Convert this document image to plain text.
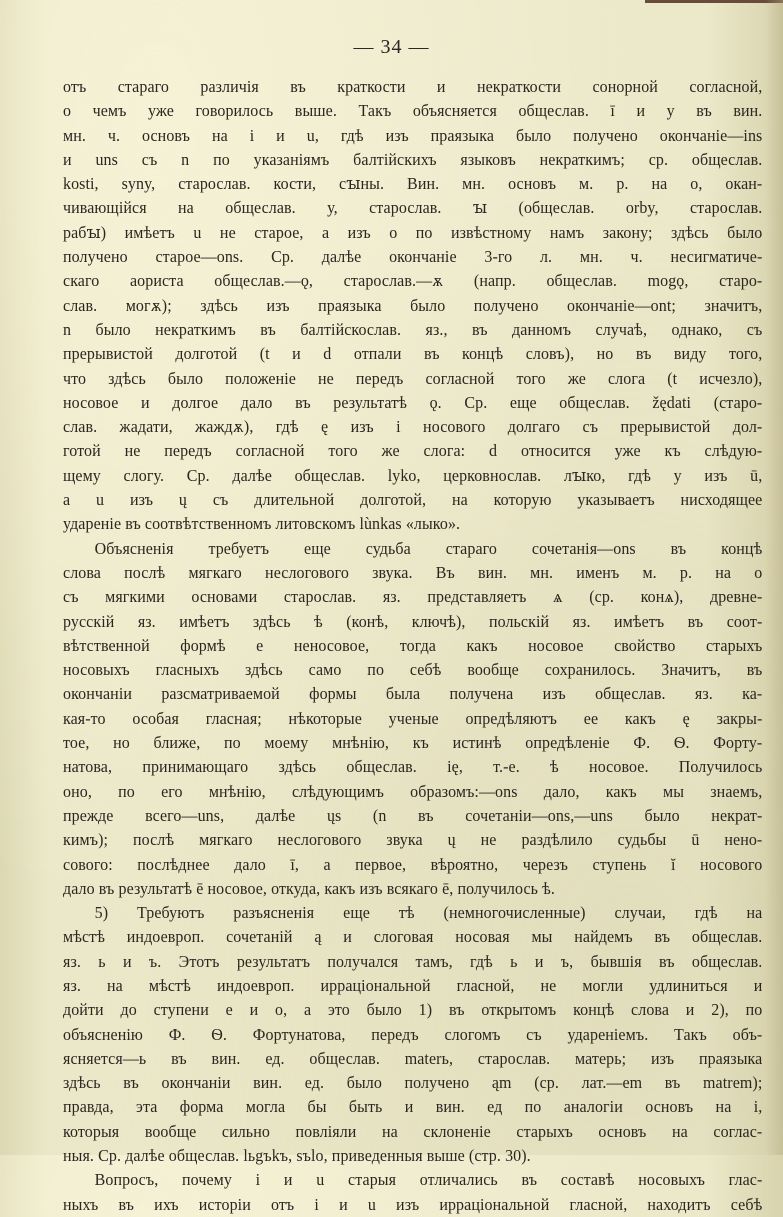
— 34 —
отъ стараго различія въ краткости и некраткости сонорной согласной,
о чемъ уже говорилось выше. Такъ объясняется общеслав. ī и у въ вин.
мн. ч. основъ на і и u, гдѣ изъ праязыка было получено окончаніе—ins
и uns съ n по указаніямъ балтійскихъ языковъ некраткимъ; ср. общеслав.
kosti, syny, старослав. кости, сꙑны. Вин. мн. основъ м. р. на о, окан-
чивающійся на общеслав. у, старослав. ꙑ (общеслав. orby, старослав.
рабꙑ) имѣетъ u не старое, а изъ о по извѣстному намъ закону; здѣсь было
получено старое—ons. Ср. далѣе окончаніе 3-го л. мн. ч. несигматиче-
скаго аориста общеслав.—ǫ, старослав.—ѫ (напр. общеслав. mogǫ, старо-
слав. могѫ); здѣсь изъ праязыка было получено окончаніе—ont; значитъ,
n было некраткимъ въ балтійскослав. яз., въ данномъ случаѣ, однако, съ
прерывистой долготой (t и d отпали въ концѣ словъ), но въ виду того,
что здѣсь было положеніе не передъ согласной того же слога (t исчезло),
носовое и долгое дало въ результатѣ ǫ. Ср. еще общеслав. žędati (старо-
слав. жадати, жаждѫ), гдѣ ę изъ і носового долгаго съ прерывистой дол-
готой не передъ согласной того же слога: d относится уже къ слѣдую-
щему слогу. Ср. далѣе общеслав. lyko, церковнослав. лꙑко, гдѣ у изъ ū,
а u изъ ų съ длительной долготой, на которую указываетъ нисходящее
удареніе въ соотвѣтственномъ литовскомъ lùnkas «лыко».
Объясненія требуетъ еще судьба стараго сочетанія—ons въ концѣ
слова послѣ мягкаго неслогового звука. Въ вин. мн. именъ м. р. на о
съ мягкими основами старослав. яз. представляетъ ѧ (ср. конѧ), древне-
русскій яз. имѣетъ здѣсь ѣ (конѣ, ключѣ), польскій яз. имѣетъ въ соот-
вѣтственной формѣ е неносовое, тогда какъ носовое свойство старыхъ
носовыхъ гласныхъ здѣсь само по себѣ вообще сохранилось. Значитъ, въ
окончаніи разсматриваемой формы была получена изъ общеслав. яз. ка-
кая-то особая гласная; нѣкоторые ученые опредѣляютъ ее какъ ę закры-
тое, но ближе, по моему мнѣнію, къ истинѣ опредѣленіе Ф. Ѳ. Форту-
натова, принимающаго здѣсь общеслав. ię, т.-е. ѣ носовое. Получилось
оно, по его мнѣнію, слѣдующимъ образомъ:—ons дало, какъ мы знаемъ,
прежде всего—uns, далѣе ųs (n въ сочетаніи—ons,—uns было некрат-
кимъ); послѣ мягкаго неслогового звука ų не раздѣлило судьбы ū нено-
сового: послѣднее дало ī, а первое, вѣроятно, черезъ ступень ĭ носового
дало въ результатѣ ē носовое, откуда, какъ изъ всякаго ē, получилось ѣ.
5) Требуютъ разъясненія еще тѣ (немногочисленные) случаи, гдѣ на
мѣстѣ индоевроп. сочетаній ą и слоговая носовая мы найдемъ въ общеслав.
яз. ь и ъ. Этотъ результатъ получался тамъ, гдѣ ь и ъ, бывшія въ общеслав.
яз. на мѣстѣ индоевроп. ирраціональной гласной, не могли удлиниться и
дойти до ступени е и о, а это было 1) въ открытомъ концѣ слова и 2), по
объясненію Ф. Ѳ. Фортунатова, передъ слогомъ съ удареніемъ. Такъ объ-
ясняется—ь въ вин. ед. общеслав. materь, старослав. матерь; изъ праязыка
здѣсь въ окончаніи вин. ед. было получено ąm (ср. лат.—em въ matrem);
правда, эта форма могла бы быть и вин. ед по аналогіи основъ на і,
которыя вообще сильно повліяли на склоненіе старыхъ основъ на соглас-
ныя. Ср. далѣе общеслав. lьgъkъ, sъlo, приведенныя выше (стр. 30).
Вопросъ, почему і и u старыя отличались въ составѣ носовыхъ глас-
ныхъ въ ихъ исторіи отъ і и u изъ ирраціональной гласной, находитъ себѣ
